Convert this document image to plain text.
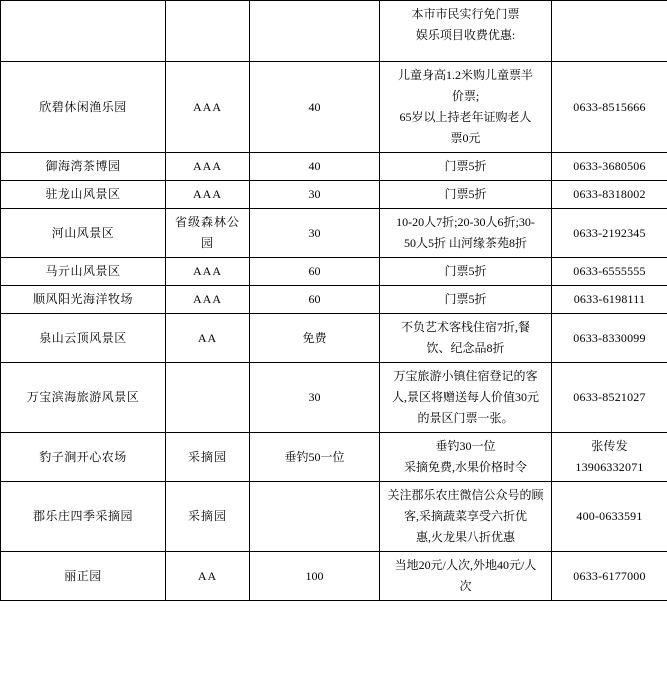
			本市市民实行免门票
娱乐项目收费优惠:	

欣碧休闲渔乐园	AAA	40	儿童身高1.2米购儿童票半
价票;
65岁以上持老年证购老人
票0元	0633-8515666
御海湾茶博园	AAA	40	门票5折	0633-3680506
驻龙山风景区	AAA	30	门票5折	0633-8318002
河山风景区	省级森林公园	30	10-20人7折;20-30人6折;30-
50人5折 山河缘茶苑8折	0633-2192345
马亓山风景区	AAA	60	门票5折	0633-6555555
顺风阳光海洋牧场	AAA	60	门票5折	0633-6198111
泉山云顶风景区	AA	免费	不负艺术客栈住宿7折,餐
饮、纪念品8折	0633-8330099
万宝滨海旅游风景区		30	万宝旅游小镇住宿登记的客
人,景区将赠送每人价值30元
的景区门票一张。	0633-8521027
豹子涧开心农场	采摘园	垂钓50一位	垂钓30一位
采摘免费,水果价格时令	张传发
13906332071

郡乐庄四季采摘园	采摘园		关注郡乐农庄微信公众号的顾
客,采摘蔬菜享受六折优
惠,火龙果八折优惠	400-0633591
丽正园	AA	100	当地20元/人次,外地40元/人
次	0633-6177000
